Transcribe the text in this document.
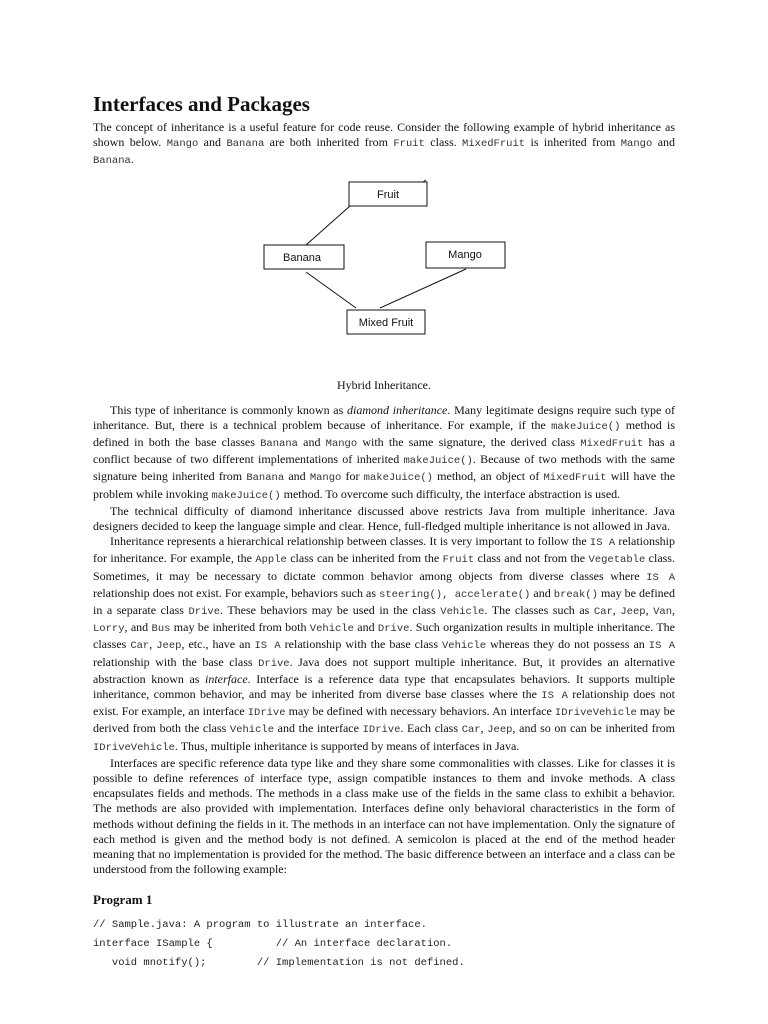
Interfaces and Packages

The concept of inheritance is a useful feature for code reuse. Consider the following example of hybrid inheritance as shown below. Mango and Banana are both inherited from Fruit class. MixedFruit is inherited from Mango and Banana.

Fruit
Banana	Mango
Mixed Fruit
Hybrid Inheritance.

This type of inheritance is commonly known as diamond inheritance. Many legitimate designs require such type of inheritance. But, there is a technical problem because of inheritance. For example, if the makeJuice() method is defined in both the base classes Banana and Mango with the same signature, the derived class MixedFruit has a conflict because of two different implementations of inherited makeJuice(). Because of two methods with the same signature being inherited from Banana and Mango for makeJuice() method, an object of MixedFruit will have the problem while invoking makeJuice() method. To overcome such difficulty, the interface abstraction is used.

The technical difficulty of diamond inheritance discussed above restricts Java from multiple inheritance. Java designers decided to keep the language simple and clear. Hence, full-fledged multiple inheritance is not allowed in Java.

Inheritance represents a hierarchical relationship between classes. It is very important to follow the IS A relationship for inheritance. For example, the Apple class can be inherited from the Fruit class and not from the Vegetable class. Sometimes, it may be necessary to dictate common behavior among objects from diverse classes where IS A relationship does not exist. For example, behaviors such as steering(), accelerate() and break() may be defined in a separate class Drive. These behaviors may be used in the class Vehicle. The classes such as Car, Jeep, Van, Lorry, and Bus may be inherited from both Vehicle and Drive. Such organization results in multiple inheritance. The classes Car, Jeep, etc., have an IS A relationship with the base class Vehicle whereas they do not possess an IS A relationship with the base class Drive. Java does not support multiple inheritance. But, it provides an alternative abstraction known as interface. Interface is a reference data type that encapsulates behaviors. It supports multiple inheritance, common behavior, and may be inherited from diverse base classes where the IS A relationship does not exist. For example, an interface IDrive may be defined with necessary behaviors. An interface IDriveVehicle may be derived from both the class Vehicle and the interface IDrive. Each class Car, Jeep, and so on can be inherited from IDriveVehicle. Thus, multiple inheritance is supported by means of interfaces in Java.

Interfaces are specific reference data type like and they share some commonalities with classes. Like for classes it is possible to define references of interface type, assign compatible instances to them and invoke methods. A class encapsulates fields and methods. The methods in a class make use of the fields in the same class to exhibit a behavior. The methods are also provided with implementation. Interfaces define only behavioral characteristics in the form of methods without defining the fields in it. The methods in an interface can not have implementation. Only the signature of each method is given and the method body is not defined. A semicolon is placed at the end of the method header meaning that no implementation is provided for the method. The basic difference between an interface and a class can be understood from the following example:

Program 1
// Sample.java: A program to illustrate an interface.
interface ISample {          // An interface declaration.
void mnotify();        // Implementation is not defined.
